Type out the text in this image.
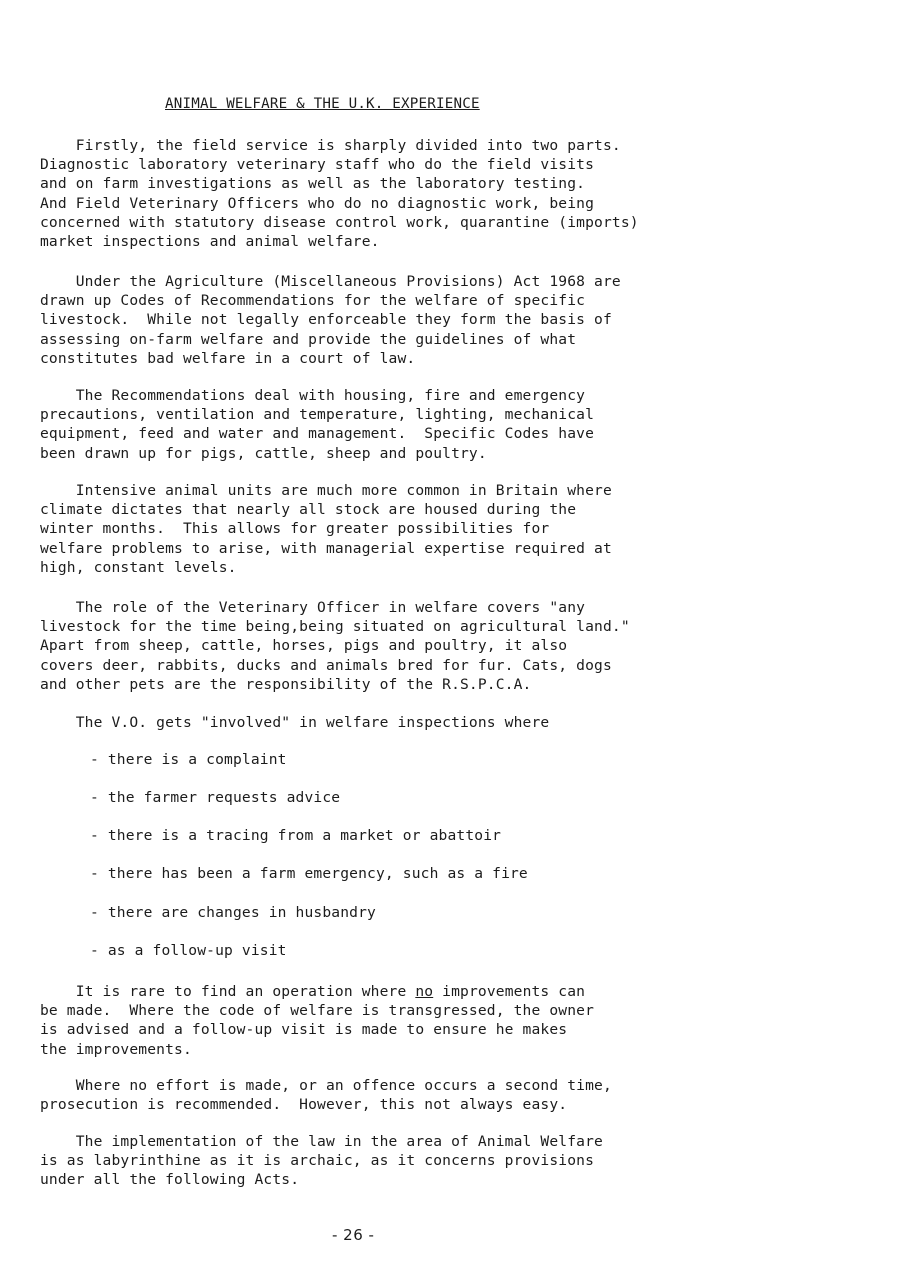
ANIMAL WELFARE & THE U.K. EXPERIENCE
Firstly, the field service is sharply divided into two parts.
Diagnostic laboratory veterinary staff who do the field visits
and on farm investigations as well as the laboratory testing.
And Field Veterinary Officers who do no diagnostic work, being
concerned with statutory disease control work, quarantine (imports)
market inspections and animal welfare.
Under the Agriculture (Miscellaneous Provisions) Act 1968 are
drawn up Codes of Recommendations for the welfare of specific
livestock.  While not legally enforceable they form the basis of
assessing on-farm welfare and provide the guidelines of what
constitutes bad welfare in a court of law.
The Recommendations deal with housing, fire and emergency
precautions, ventilation and temperature, lighting, mechanical
equipment, feed and water and management.  Specific Codes have
been drawn up for pigs, cattle, sheep and poultry.
Intensive animal units are much more common in Britain where
climate dictates that nearly all stock are housed during the
winter months.  This allows for greater possibilities for
welfare problems to arise, with managerial expertise required at
high, constant levels.
The role of the Veterinary Officer in welfare covers "any
livestock for the time being,being situated on agricultural land."
Apart from sheep, cattle, horses, pigs and poultry, it also
covers deer, rabbits, ducks and animals bred for fur. Cats, dogs
and other pets are the responsibility of the R.S.P.C.A.
The V.O. gets "involved" in welfare inspections where
- there is a complaint
- the farmer requests advice
- there is a tracing from a market or abattoir
- there has been a farm emergency, such as a fire
- there are changes in husbandry
- as a follow-up visit
It is rare to find an operation where no improvements can
be made.  Where the code of welfare is transgressed, the owner
is advised and a follow-up visit is made to ensure he makes
the improvements.
Where no effort is made, or an offence occurs a second time,
prosecution is recommended.  However, this not always easy.
The implementation of the law in the area of Animal Welfare
is as labyrinthine as it is archaic, as it concerns provisions
under all the following Acts.
- 26 -
